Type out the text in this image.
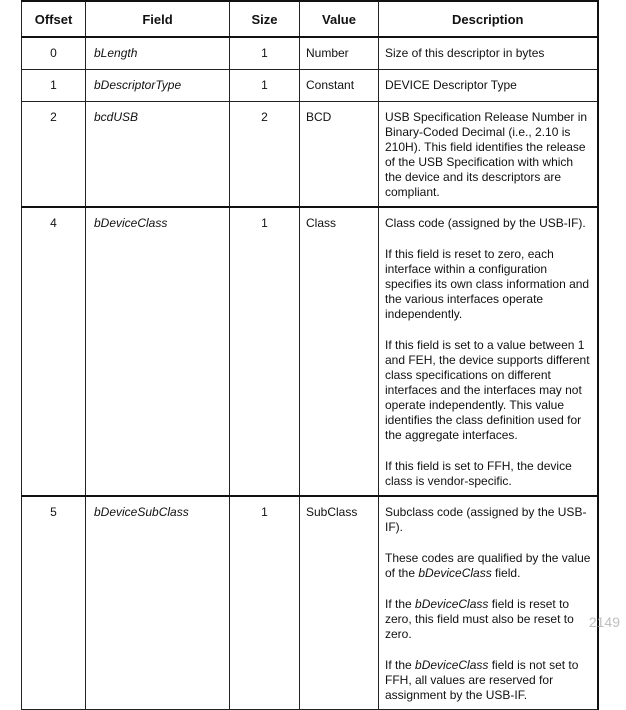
Offset	Field	Size	Value	Description

0	bLength	1	Number	Size of this descriptor in bytes

1	bDescriptorType	1	Constant	DEVICE Descriptor Type

2	bcdUSB	2	BCD	USB Specification Release Number in Binary-Coded Decimal (i.e., 2.10 is 210H). This field identifies the release of the USB Specification with which the device and its descriptors are compliant.

4	bDeviceClass	1	Class	Class code (assigned by the USB-IF).

If this field is reset to zero, each interface within a configuration specifies its own class information and the various interfaces operate independently.

If this field is set to a value between 1 and FEH, the device supports different class specifications on different interfaces and the interfaces may not operate independently. This value identifies the class definition used for the aggregate interfaces.

If this field is set to FFH, the device class is vendor-specific.

5	bDeviceSubClass	1	SubClass	Subclass code (assigned by the USB-IF).

These codes are qualified by the value of the bDeviceClass field.

If the bDeviceClass field is reset to zero, this field must also be reset to zero.

If the bDeviceClass field is not set to FFH, all values are reserved for assignment by the USB-IF.

2149
